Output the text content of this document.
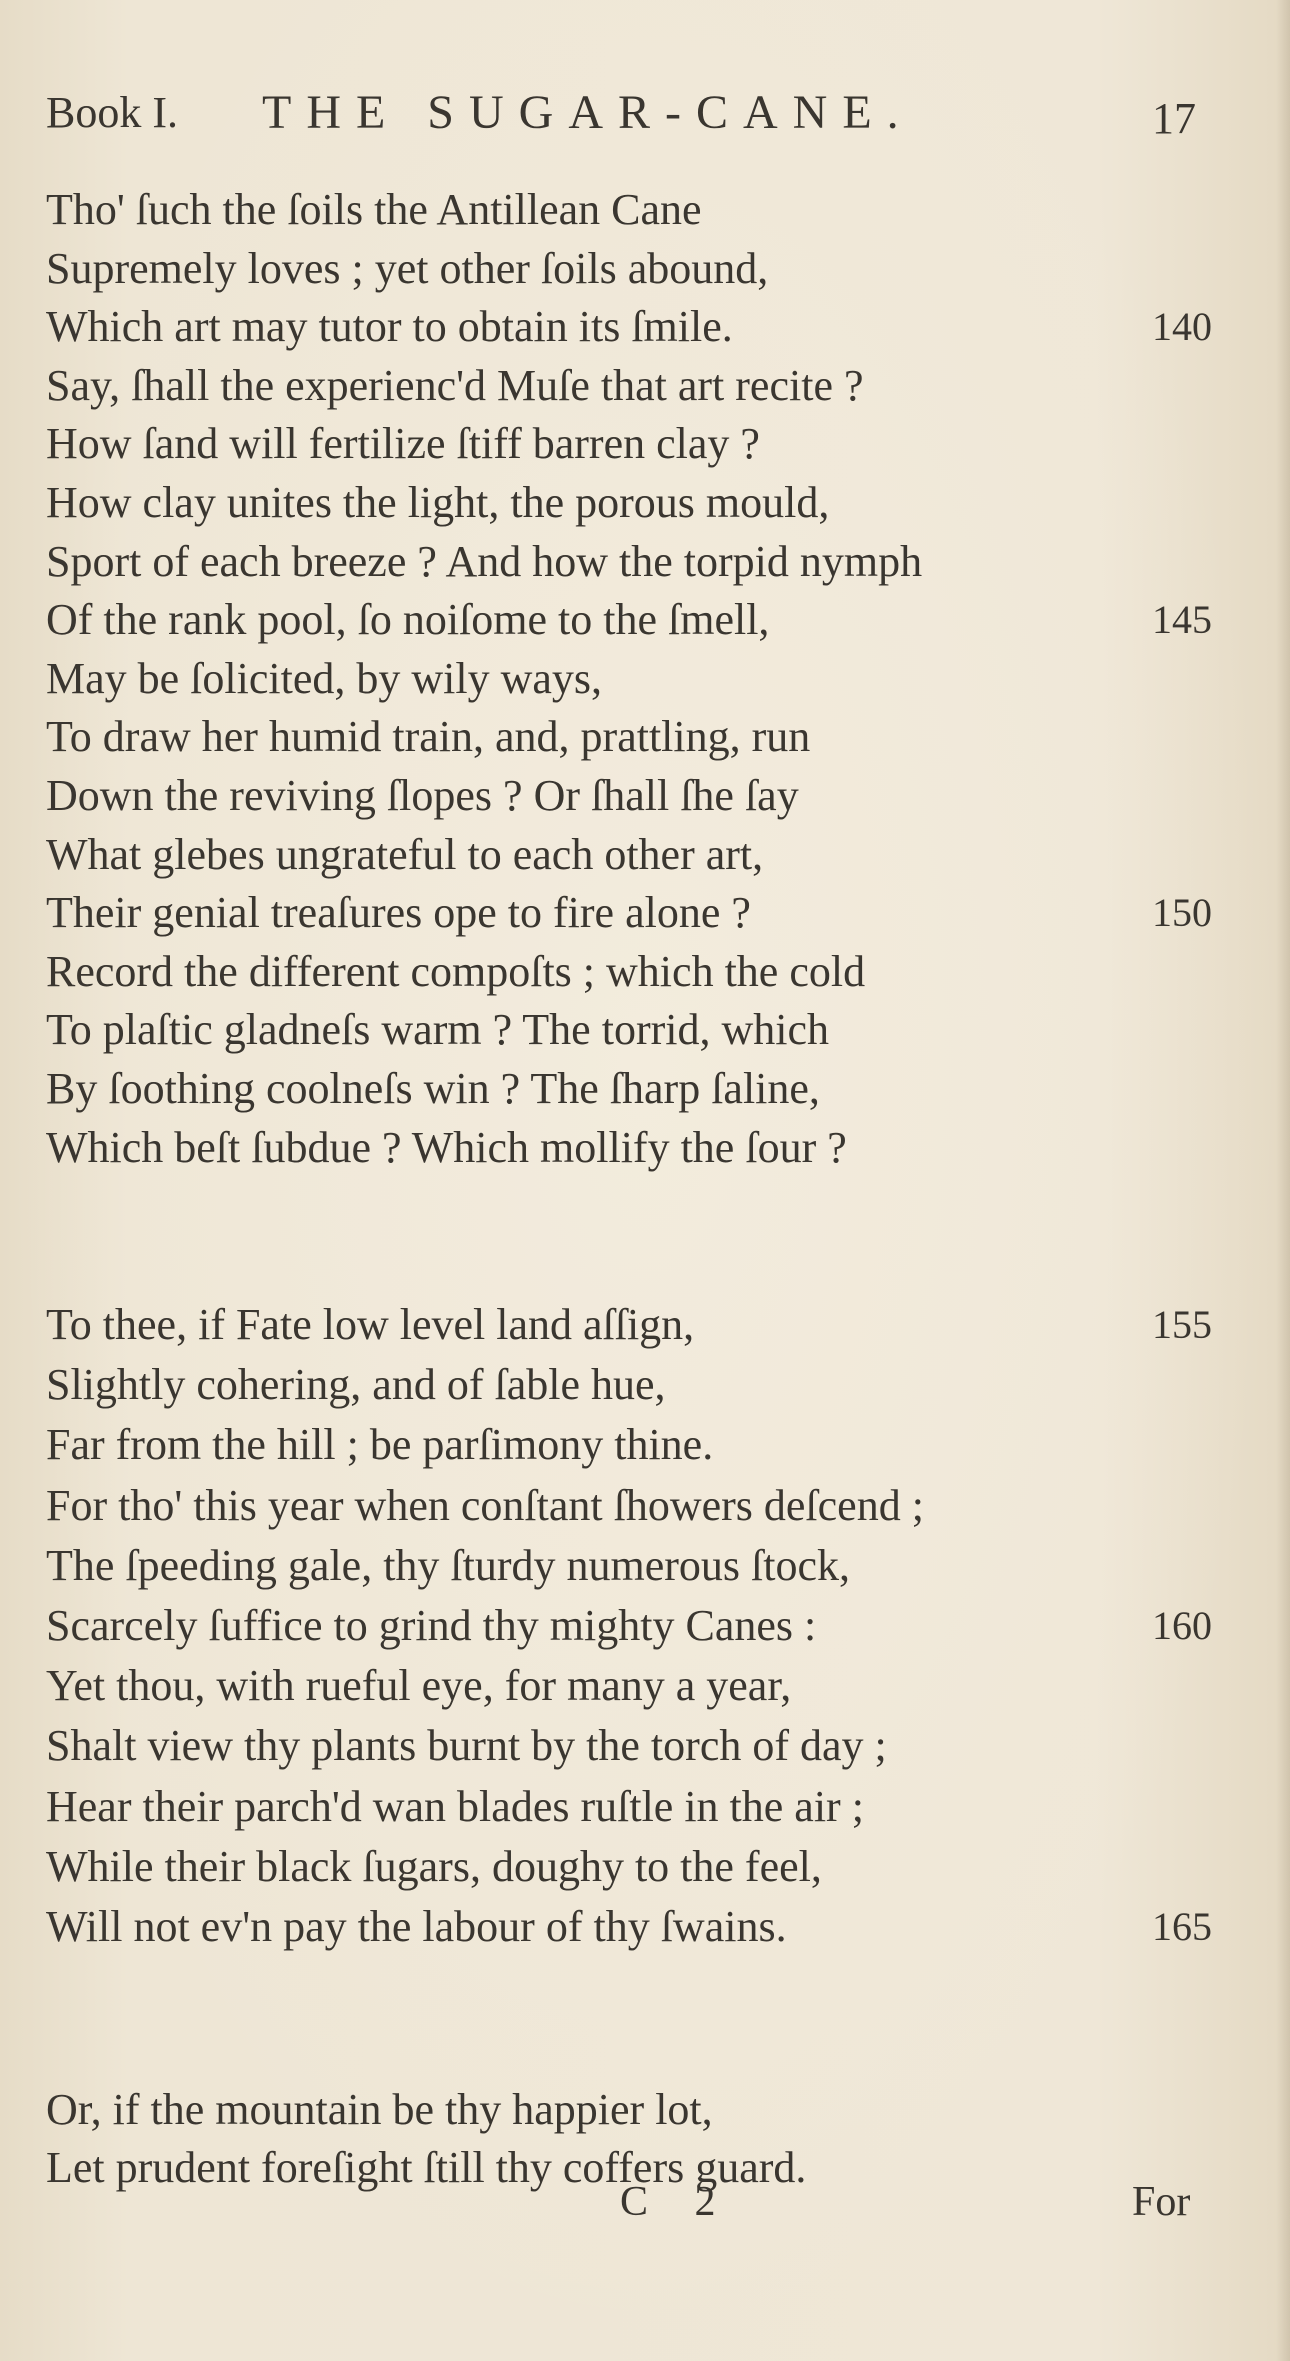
Book I. THE SUGAR-CANE.	17
Tho' ſuch the ſoils the Antillean Cane
Supremely loves ; yet other ſoils abound,
Which art may tutor to obtain its ſmile.	140
Say, ſhall the experienc'd Muſe that art recite ?
How ſand will fertilize ſtiff barren clay ?
How clay unites the light, the porous mould,
Sport of each breeze ? And how the torpid nymph
Of the rank pool, ſo noiſome to the ſmell,	145
May be ſolicited, by wily ways,
To draw her humid train, and, prattling, run
Down the reviving ſlopes ? Or ſhall ſhe ſay
What glebes ungrateful to each other art,
Their genial treaſures ope to fire alone ?	150
Record the different compoſts ; which the cold
To plaſtic gladneſs warm ? The torrid, which
By ſoothing coolneſs win ? The ſharp ſaline,
Which beſt ſubdue ? Which mollify the ſour ?
To thee, if Fate low level land aſſign,	155
Slightly cohering, and of ſable hue,
Far from the hill ; be parſimony thine.
For tho' this year when conſtant ſhowers deſcend ;
The ſpeeding gale, thy ſturdy numerous ſtock,
Scarcely ſuffice to grind thy mighty Canes :	160
Yet thou, with rueful eye, for many a year,
Shalt view thy plants burnt by the torch of day ;
Hear their parch'd wan blades ruſtle in the air ;
While their black ſugars, doughy to the feel,
Will not ev'n pay the labour of thy ſwains.	165
Or, if the mountain be thy happier lot,
Let prudent foreſight ſtill thy coffers guard.
C 2	For
